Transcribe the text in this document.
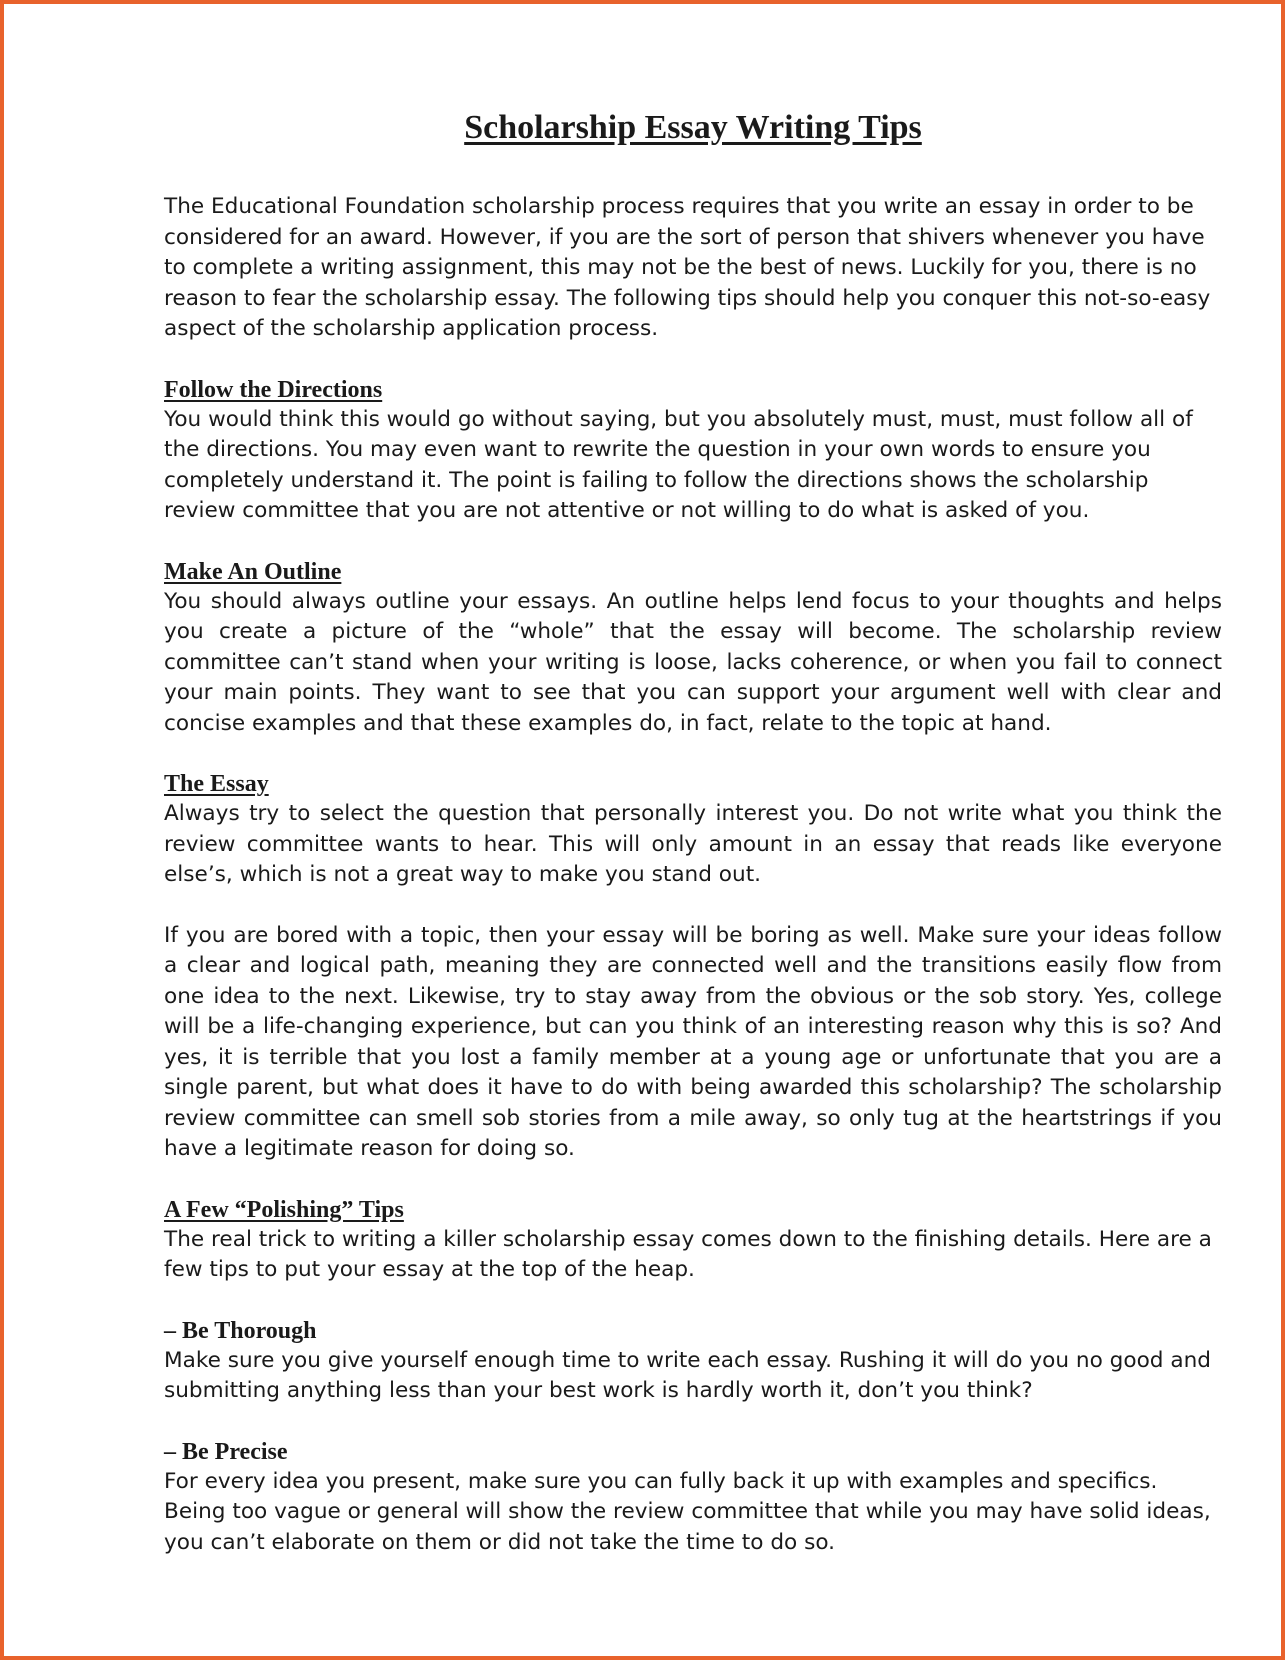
Scholarship Essay Writing Tips

The Educational Foundation scholarship process requires that you write an essay in order to be considered for an award. However, if you are the sort of person that shivers whenever you have to complete a writing assignment, this may not be the best of news. Luckily for you, there is no reason to fear the scholarship essay. The following tips should help you conquer this not-so-easy aspect of the scholarship application process.

Follow the Directions

You would think this would go without saying, but you absolutely must, must, must follow all of the directions. You may even want to rewrite the question in your own words to ensure you completely understand it. The point is failing to follow the directions shows the scholarship review committee that you are not attentive or not willing to do what is asked of you.

Make An Outline

You should always outline your essays. An outline helps lend focus to your thoughts and helps you create a picture of the “whole” that the essay will become. The scholarship review committee can’t stand when your writing is loose, lacks coherence, or when you fail to connect your main points. They want to see that you can support your argument well with clear and concise examples and that these examples do, in fact, relate to the topic at hand.

The Essay

Always try to select the question that personally interest you. Do not write what you think the review committee wants to hear. This will only amount in an essay that reads like everyone else’s, which is not a great way to make you stand out.

If you are bored with a topic, then your essay will be boring as well. Make sure your ideas follow a clear and logical path, meaning they are connected well and the transitions easily flow from one idea to the next. Likewise, try to stay away from the obvious or the sob story. Yes, college will be a life-changing experience, but can you think of an interesting reason why this is so? And yes, it is terrible that you lost a family member at a young age or unfortunate that you are a single parent, but what does it have to do with being awarded this scholarship? The scholarship review committee can smell sob stories from a mile away, so only tug at the heartstrings if you have a legitimate reason for doing so.

A Few “Polishing” Tips

The real trick to writing a killer scholarship essay comes down to the finishing details. Here are a few tips to put your essay at the top of the heap.

– Be Thorough

Make sure you give yourself enough time to write each essay. Rushing it will do you no good and submitting anything less than your best work is hardly worth it, don’t you think?

– Be Precise

For every idea you present, make sure you can fully back it up with examples and specifics. Being too vague or general will show the review committee that while you may have solid ideas, you can’t elaborate on them or did not take the time to do so.
